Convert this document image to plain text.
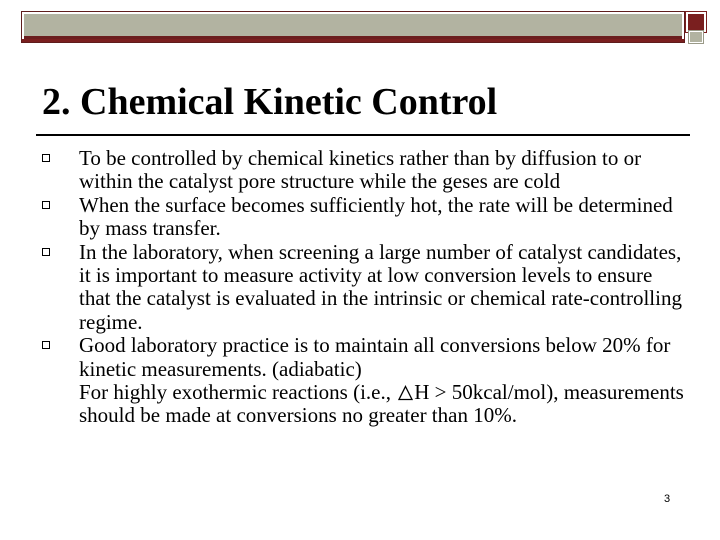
2. Chemical Kinetic Control
To be controlled by chemical kinetics rather than by diffusion to or within the catalyst pore structure while the geses are cold
When the surface becomes sufficiently hot, the rate will be determined by mass transfer.
In the laboratory, when screening a large number of catalyst candidates, it is important to measure activity at low conversion levels to ensure that the catalyst is evaluated in the intrinsic or chemical rate-controlling regime.
Good laboratory practice is to maintain all conversions below 20% for kinetic measurements. (adiabatic)
For highly exothermic reactions (i.e., H > 50kcal/mol), measurements should be made at conversions no greater than 10%.
3
